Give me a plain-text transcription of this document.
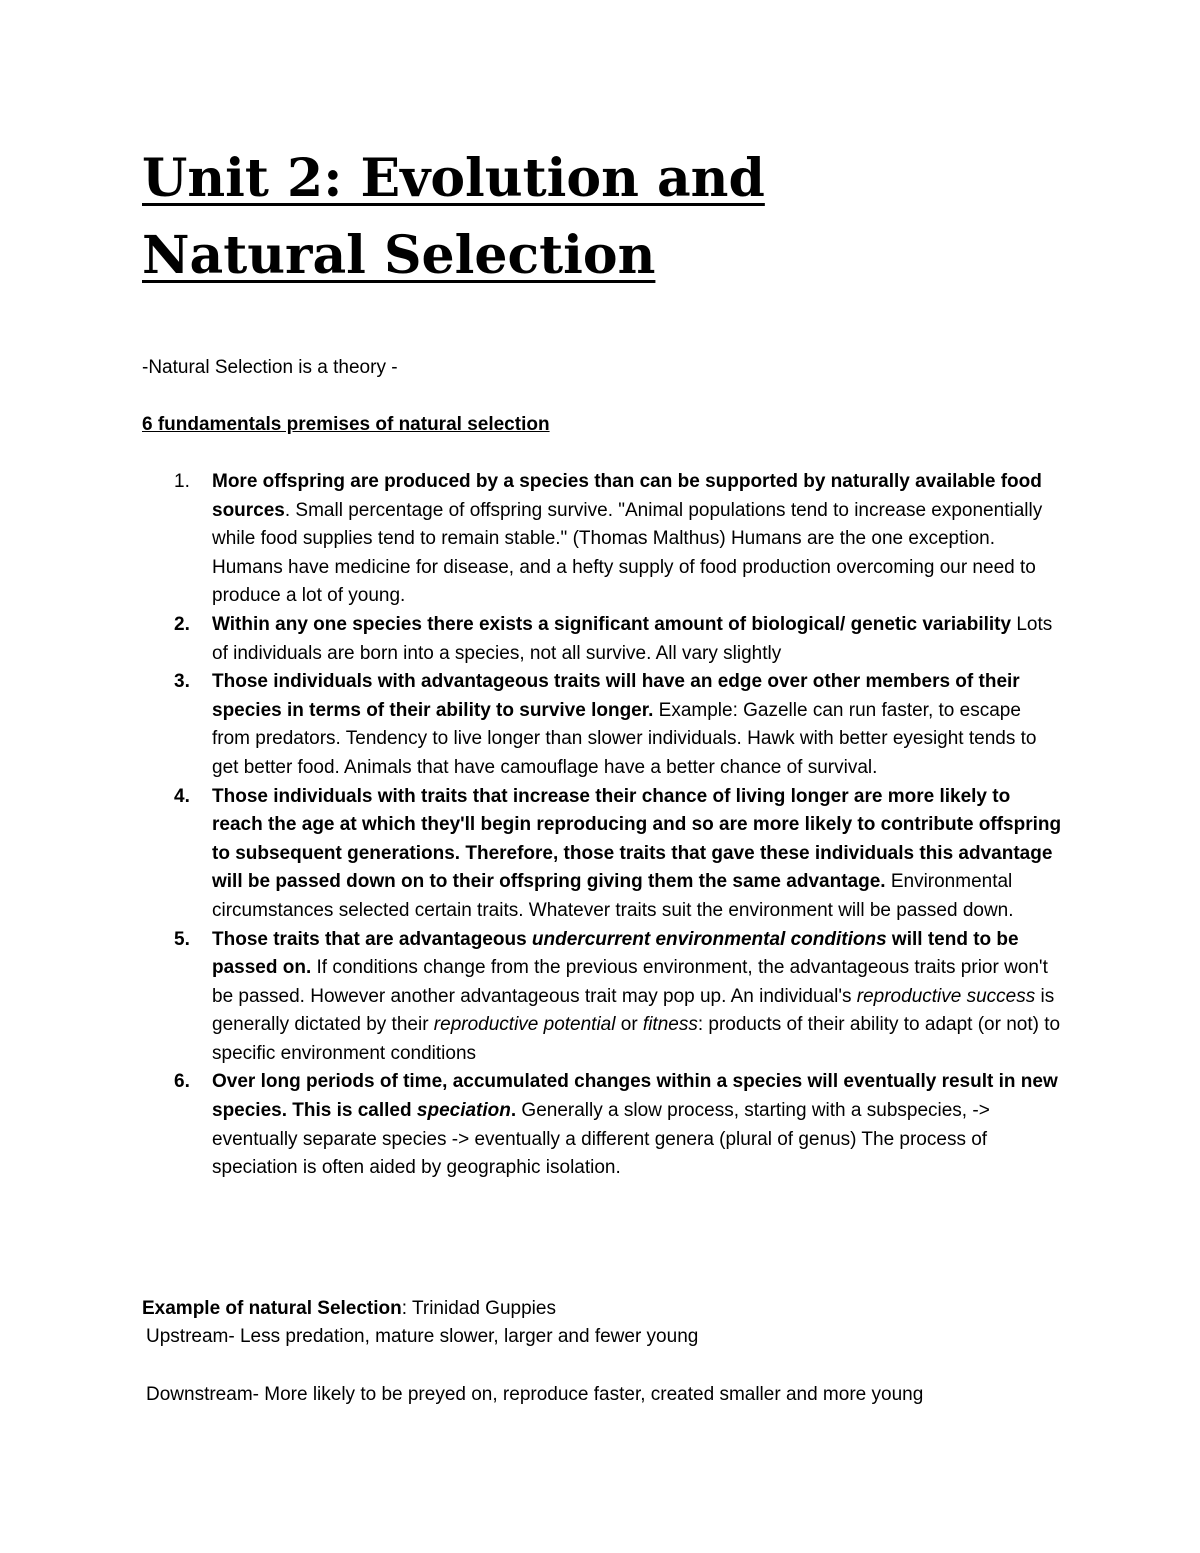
Unit 2: Evolution and Natural Selection

-Natural Selection is a theory -

6 fundamentals premises of natural selection

1. More offspring are produced by a species than can be supported by naturally available food sources. Small percentage of offspring survive. "Animal populations tend to increase exponentially while food supplies tend to remain stable." (Thomas Malthus) Humans are the one exception. Humans have medicine for disease, and a hefty supply of food production overcoming our need to produce a lot of young.
2. Within any one species there exists a significant amount of biological/ genetic variability Lots of individuals are born into a species, not all survive. All vary slightly
3. Those individuals with advantageous traits will have an edge over other members of their species in terms of their ability to survive longer. Example: Gazelle can run faster, to escape from predators. Tendency to live longer than slower individuals. Hawk with better eyesight tends to get better food. Animals that have camouflage have a better chance of survival.
4. Those individuals with traits that increase their chance of living longer are more likely to reach the age at which they'll begin reproducing and so are more likely to contribute offspring to subsequent generations. Therefore, those traits that gave these individuals this advantage will be passed down on to their offspring giving them the same advantage. Environmental circumstances selected certain traits. Whatever traits suit the environment will be passed down.
5. Those traits that are advantageous undercurrent environmental conditions will tend to be passed on. If conditions change from the previous environment, the advantageous traits prior won't be passed. However another advantageous trait may pop up. An individual's reproductive success is generally dictated by their reproductive potential or fitness: products of their ability to adapt (or not) to specific environment conditions
6. Over long periods of time, accumulated changes within a species will eventually result in new species. This is called speciation. Generally a slow process, starting with a subspecies, -> eventually separate species -> eventually a different genera (plural of genus) The process of speciation is often aided by geographic isolation.

Example of natural Selection: Trinidad Guppies

Upstream- Less predation, mature slower, larger and fewer young

Downstream- More likely to be preyed on, reproduce faster, created smaller and more young
